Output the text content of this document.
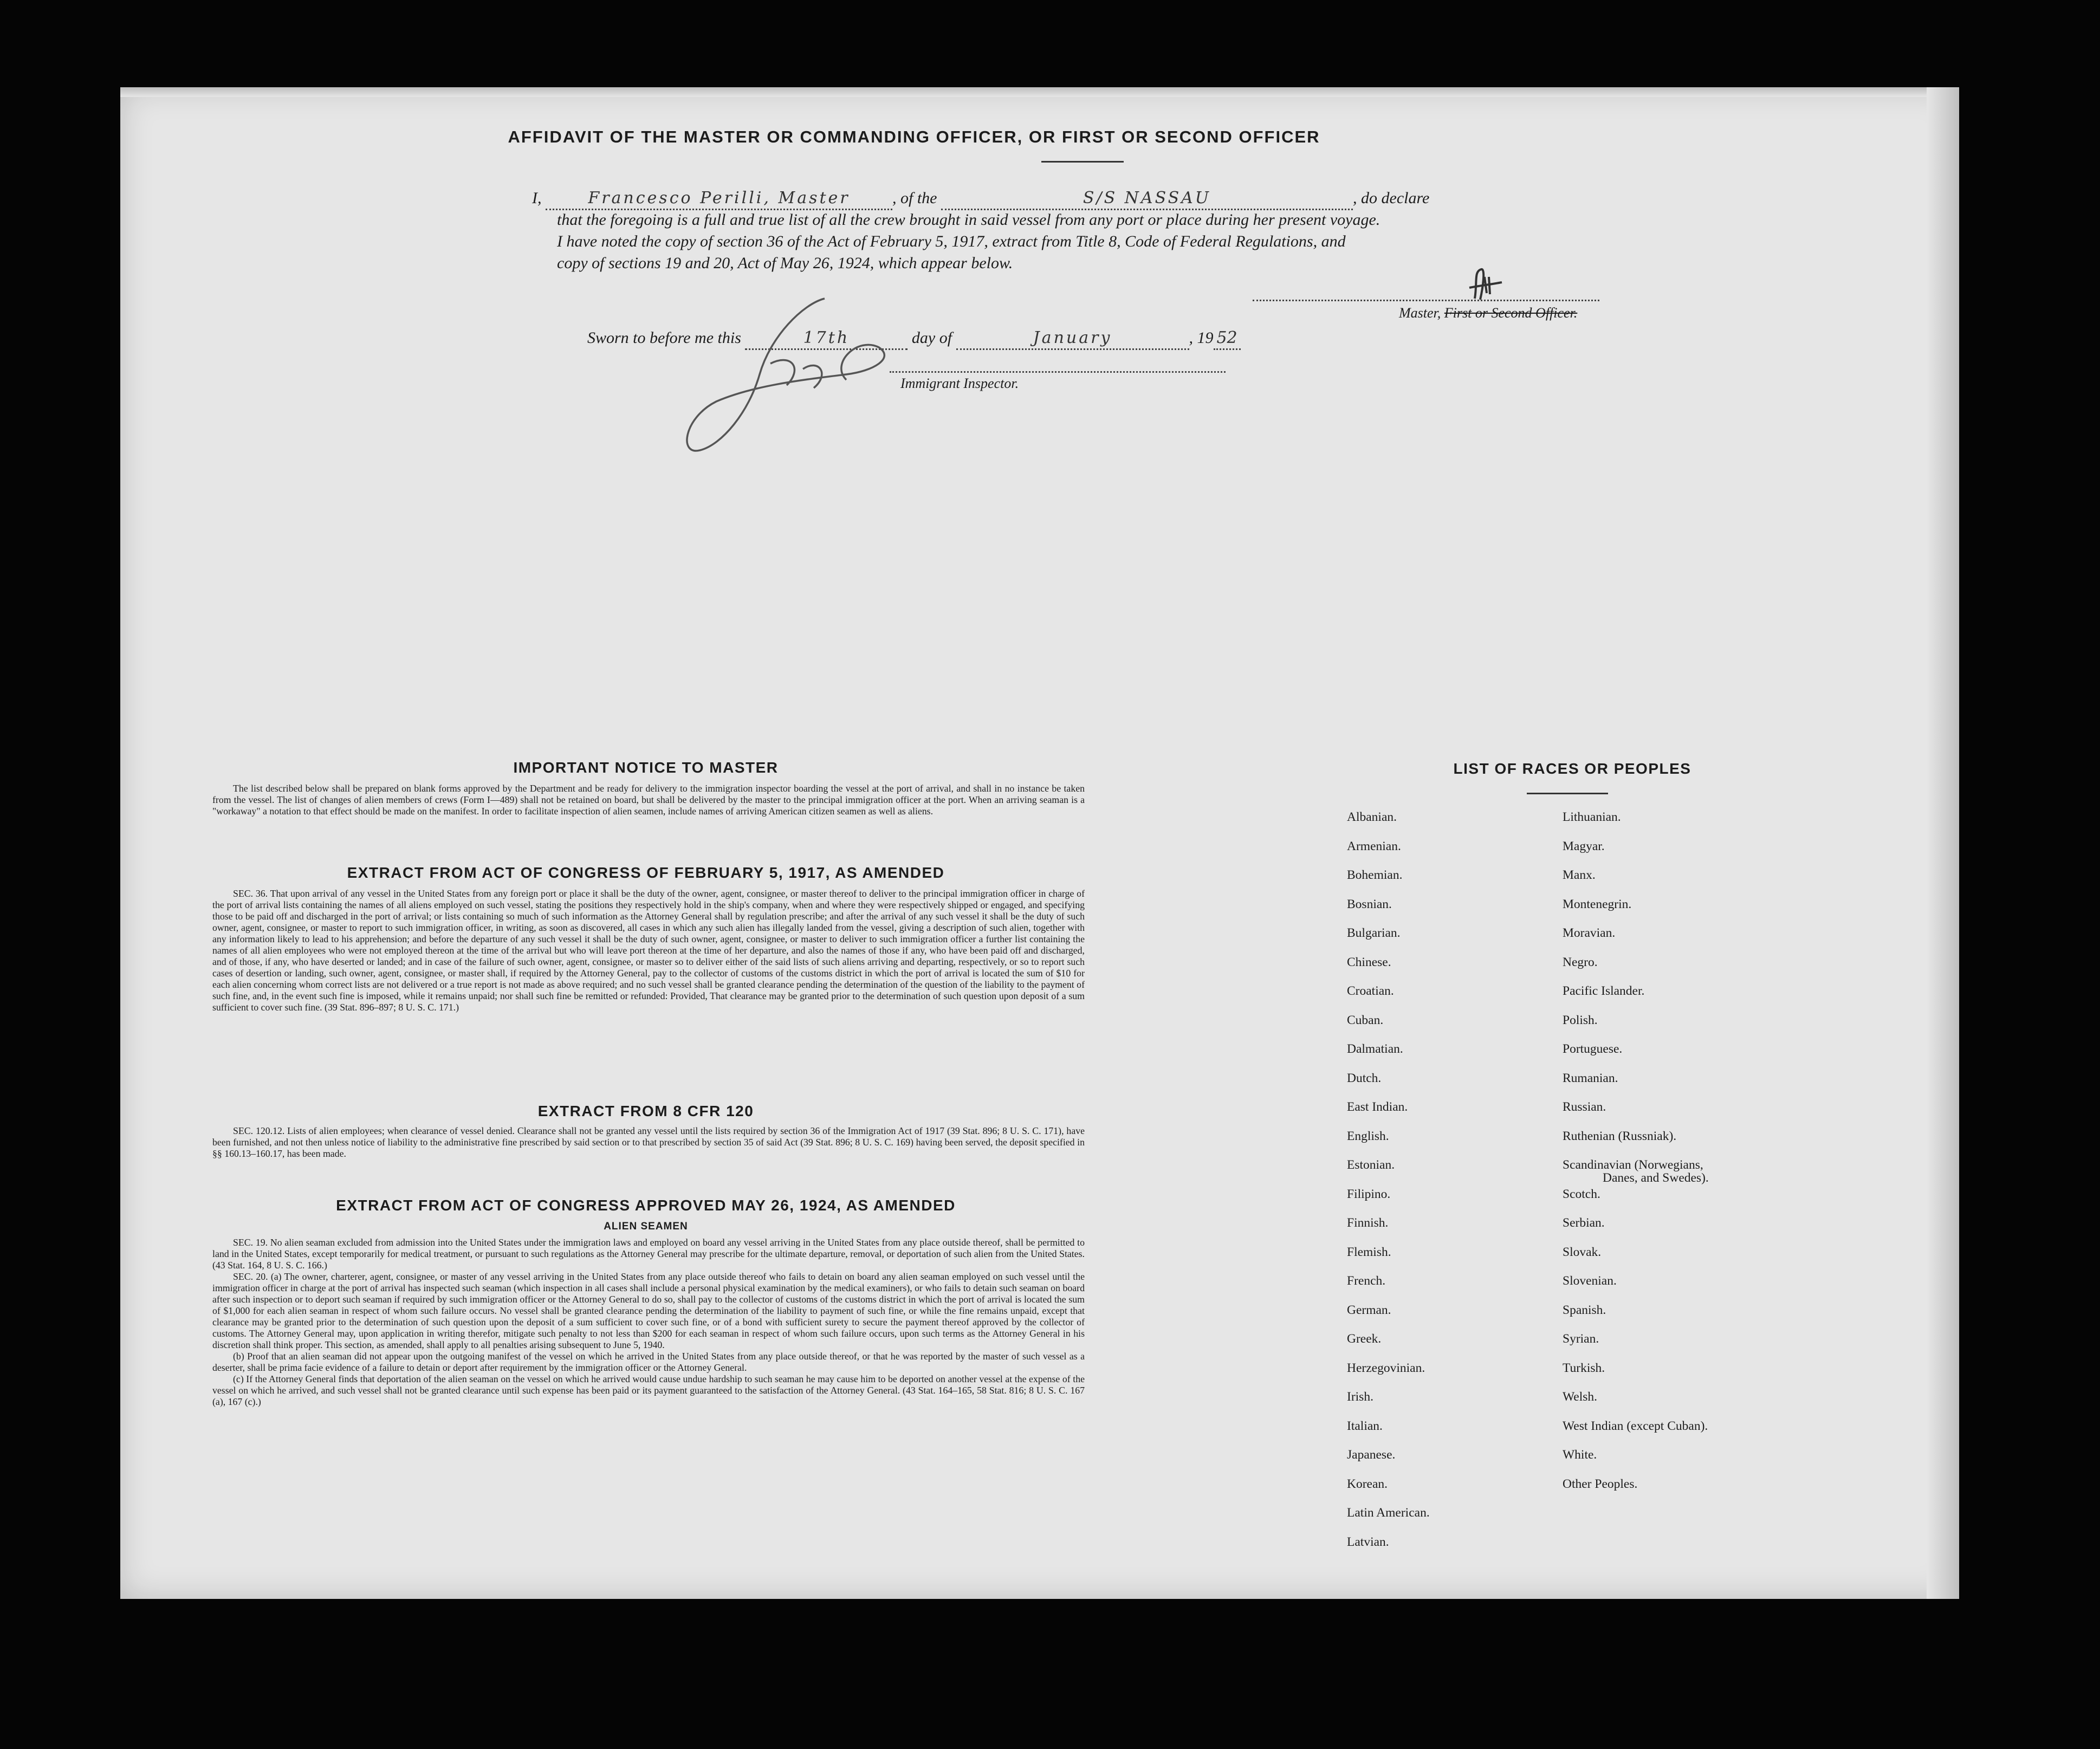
AFFIDAVIT OF THE MASTER OR COMMANDING OFFICER, OR FIRST OR SECOND OFFICER
I,	Francesco Perilli, Master	, of the	S/S NASSAU	, do declare
that the foregoing is a full and true list of all the crew brought in said vessel from any port or place during her present voyage.
I have noted the copy of section 36 of the Act of February 5, 1917, extract from Title 8, Code of Federal Regulations, and
copy of sections 19 and 20, Act of May 26, 1924, which appear below.
Master, First or Second Officer.
Sworn to before me this	17th	day of	January	, 19 52
Immigrant Inspector.
IMPORTANT NOTICE TO MASTER

The list described below shall be prepared on blank forms approved by the Department and be ready for delivery to the immigration inspector boarding the vessel at the port of arrival, and shall in no instance be taken from the vessel. The list of changes of alien members of crews (Form I—489) shall not be retained on board, but shall be delivered by the master to the principal immigration officer at the port. When an arriving seaman is a "workaway" a notation to that effect should be made on the manifest. In order to facilitate inspection of alien seamen, include names of arriving American citizen seamen as well as aliens.

EXTRACT FROM ACT OF CONGRESS OF FEBRUARY 5, 1917, AS AMENDED

SEC. 36. That upon arrival of any vessel in the United States from any foreign port or place it shall be the duty of the owner, agent, consignee, or master thereof to deliver to the principal immigration officer in charge of the port of arrival lists containing the names of all aliens employed on such vessel, stating the positions they respectively hold in the ship's company, when and where they were respectively shipped or engaged, and specifying those to be paid off and discharged in the port of arrival; or lists containing so much of such information as the Attorney General shall by regulation prescribe; and after the arrival of any such vessel it shall be the duty of such owner, agent, consignee, or master to report to such immigration officer, in writing, as soon as discovered, all cases in which any such alien has illegally landed from the vessel, giving a description of such alien, together with any information likely to lead to his apprehension; and before the departure of any such vessel it shall be the duty of such owner, agent, consignee, or master to deliver to such immigration officer a further list containing the names of all alien employees who were not employed thereon at the time of the arrival but who will leave port thereon at the time of her departure, and also the names of those if any, who have been paid off and discharged, and of those, if any, who have deserted or landed; and in case of the failure of such owner, agent, consignee, or master so to deliver either of the said lists of such aliens arriving and departing, respectively, or so to report such cases of desertion or landing, such owner, agent, consignee, or master shall, if required by the Attorney General, pay to the collector of customs of the customs district in which the port of arrival is located the sum of $10 for each alien concerning whom correct lists are not delivered or a true report is not made as above required; and no such vessel shall be granted clearance pending the determination of the question of the liability to the payment of such fine, and, in the event such fine is imposed, while it remains unpaid; nor shall such fine be remitted or refunded: Provided, That clearance may be granted prior to the determination of such question upon deposit of a sum sufficient to cover such fine. (39 Stat. 896–897; 8 U. S. C. 171.)

EXTRACT FROM 8 CFR 120

SEC. 120.12. Lists of alien employees; when clearance of vessel denied. Clearance shall not be granted any vessel until the lists required by section 36 of the Immigration Act of 1917 (39 Stat. 896; 8 U. S. C. 171), have been furnished, and not then unless notice of liability to the administrative fine prescribed by said section or to that prescribed by section 35 of said Act (39 Stat. 896; 8 U. S. C. 169) having been served, the deposit specified in §§ 160.13–160.17, has been made.

EXTRACT FROM ACT OF CONGRESS APPROVED MAY 26, 1924, AS AMENDED
ALIEN SEAMEN

SEC. 19. No alien seaman excluded from admission into the United States under the immigration laws and employed on board any vessel arriving in the United States from any place outside thereof, shall be permitted to land in the United States, except temporarily for medical treatment, or pursuant to such regulations as the Attorney General may prescribe for the ultimate departure, removal, or deportation of such alien from the United States. (43 Stat. 164, 8 U. S. C. 166.)

SEC. 20. (a) The owner, charterer, agent, consignee, or master of any vessel arriving in the United States from any place outside thereof who fails to detain on board any alien seaman employed on such vessel until the immigration officer in charge at the port of arrival has inspected such seaman (which inspection in all cases shall include a personal physical examination by the medical examiners), or who fails to detain such seaman on board after such inspection or to deport such seaman if required by such immigration officer or the Attorney General to do so, shall pay to the collector of customs of the customs district in which the port of arrival is located the sum of $1,000 for each alien seaman in respect of whom such failure occurs. No vessel shall be granted clearance pending the determination of the liability to payment of such fine, or while the fine remains unpaid, except that clearance may be granted prior to the determination of such question upon the deposit of a sum sufficient to cover such fine, or of a bond with sufficient surety to secure the payment thereof approved by the collector of customs. The Attorney General may, upon application in writing therefor, mitigate such penalty to not less than $200 for each seaman in respect of whom such failure occurs, upon such terms as the Attorney General in his discretion shall think proper. This section, as amended, shall apply to all penalties arising subsequent to June 5, 1940.

(b) Proof that an alien seaman did not appear upon the outgoing manifest of the vessel on which he arrived in the United States from any place outside thereof, or that he was reported by the master of such vessel as a deserter, shall be prima facie evidence of a failure to detain or deport after requirement by the immigration officer or the Attorney General.

(c) If the Attorney General finds that deportation of the alien seaman on the vessel on which he arrived would cause undue hardship to such seaman he may cause him to be deported on another vessel at the expense of the vessel on which he arrived, and such vessel shall not be granted clearance until such expense has been paid or its payment guaranteed to the satisfaction of the Attorney General. (43 Stat. 164–165, 58 Stat. 816; 8 U. S. C. 167 (a), 167 (c).)

LIST OF RACES OR PEOPLES
Albanian.
Armenian.
Bohemian.
Bosnian.
Bulgarian.
Chinese.
Croatian.
Cuban.
Dalmatian.
Dutch.
East Indian.
English.
Estonian.
Filipino.
Finnish.
Flemish.
French.
German.
Greek.
Herzegovinian.
Irish.
Italian.
Japanese.
Korean.
Latin American.
Latvian.
Lithuanian.
Magyar.
Manx.
Montenegrin.
Moravian.
Negro.
Pacific Islander.
Polish.
Portuguese.
Rumanian.
Russian.
Ruthenian (Russniak).
Scandinavian (Norwegians,
Danes, and Swedes).
Scotch.
Serbian.
Slovak.
Slovenian.
Spanish.
Syrian.
Turkish.
Welsh.
West Indian (except Cuban).
White.
Other Peoples.
